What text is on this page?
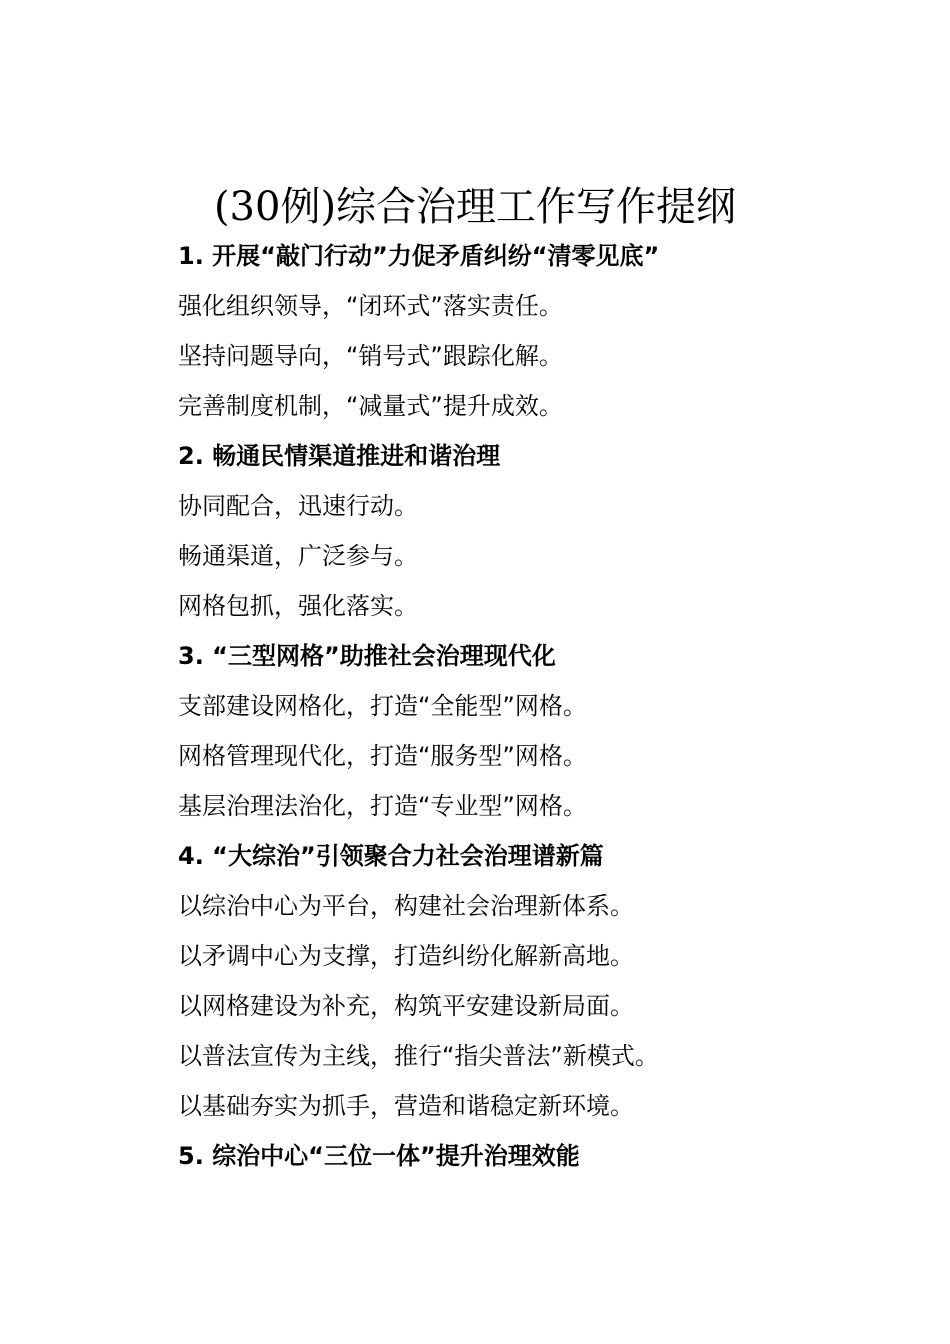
(30例)综合治理工作写作提纲
1. 开展“敲门行动”力促矛盾纠纷“清零见底”
强化组织领导，“闭环式”落实责任。
坚持问题导向，“销号式”跟踪化解。
完善制度机制，“减量式”提升成效。
2. 畅通民情渠道推进和谐治理
协同配合，迅速行动。
畅通渠道，广泛参与。
网格包抓，强化落实。
3. “三型网格”助推社会治理现代化
支部建设网格化，打造“全能型”网格。
网格管理现代化，打造“服务型”网格。
基层治理法治化，打造“专业型”网格。
4. “大综治”引领聚合力社会治理谱新篇
以综治中心为平台，构建社会治理新体系。
以矛调中心为支撑，打造纠纷化解新高地。
以网格建设为补充，构筑平安建设新局面。
以普法宣传为主线，推行“指尖普法”新模式。
以基础夯实为抓手，营造和谐稳定新环境。
5. 综治中心“三位一体”提升治理效能
